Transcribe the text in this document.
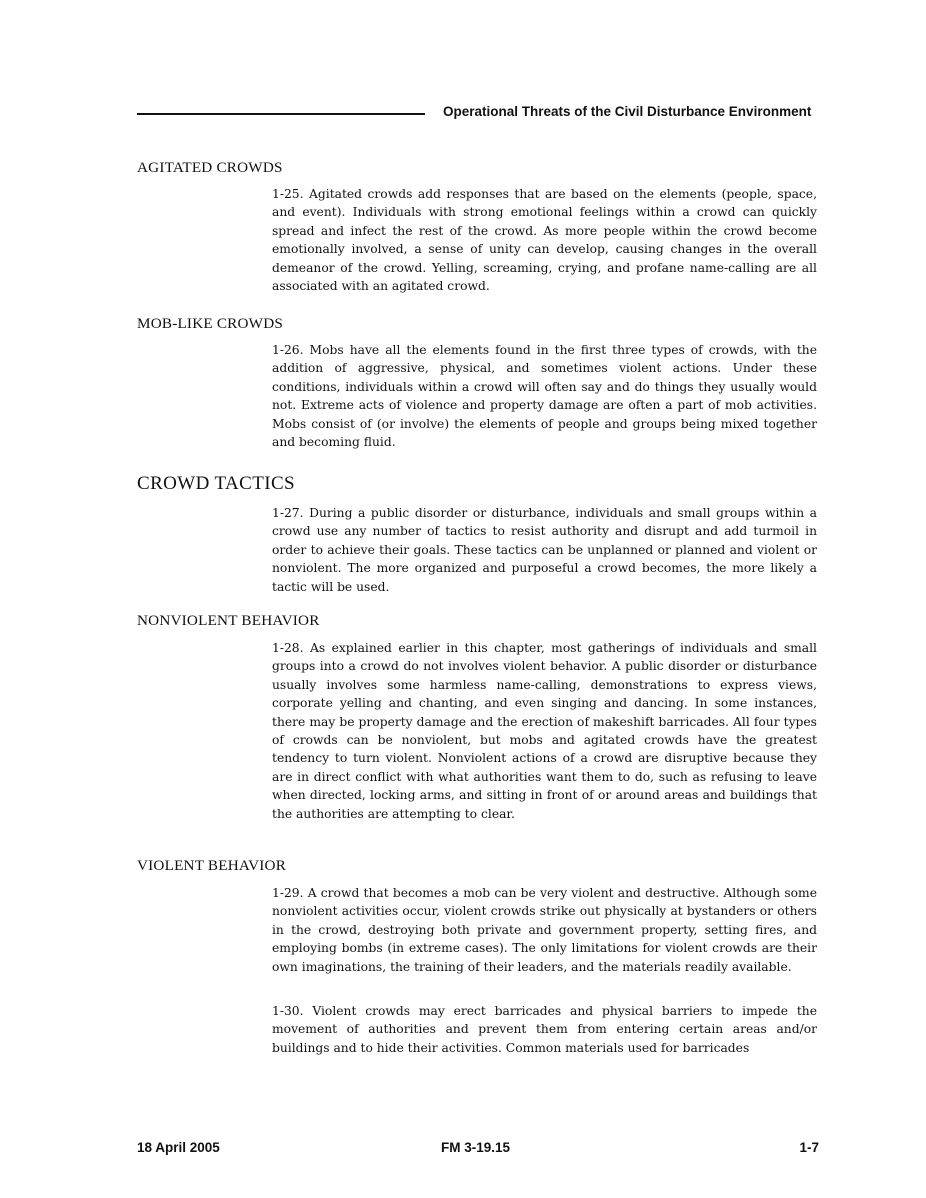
Operational Threats of the Civil Disturbance Environment
AGITATED CROWDS

1-25. Agitated crowds add responses that are based on the elements (people, space, and event). Individuals with strong emotional feelings within a crowd can quickly spread and infect the rest of the crowd. As more people within the crowd become emotionally involved, a sense of unity can develop, causing changes in the overall demeanor of the crowd. Yelling, screaming, crying, and profane name-calling are all associated with an agitated crowd.

MOB-LIKE CROWDS

1-26. Mobs have all the elements found in the first three types of crowds, with the addition of aggressive, physical, and sometimes violent actions. Under these conditions, individuals within a crowd will often say and do things they usually would not. Extreme acts of violence and property damage are often a part of mob activities. Mobs consist of (or involve) the elements of people and groups being mixed together and becoming fluid.

CROWD TACTICS

1-27. During a public disorder or disturbance, individuals and small groups within a crowd use any number of tactics to resist authority and disrupt and add turmoil in order to achieve their goals. These tactics can be unplanned or planned and violent or nonviolent. The more organized and purposeful a crowd becomes, the more likely a tactic will be used.

NONVIOLENT BEHAVIOR

1-28. As explained earlier in this chapter, most gatherings of individuals and small groups into a crowd do not involves violent behavior. A public disorder or disturbance usually involves some harmless name-calling, demonstrations to express views, corporate yelling and chanting, and even singing and dancing. In some instances, there may be property damage and the erection of makeshift barricades. All four types of crowds can be nonviolent, but mobs and agitated crowds have the greatest tendency to turn violent. Nonviolent actions of a crowd are disruptive because they are in direct conflict with what authorities want them to do, such as refusing to leave when directed, locking arms, and sitting in front of or around areas and buildings that the authorities are attempting to clear.

VIOLENT BEHAVIOR

1-29. A crowd that becomes a mob can be very violent and destructive. Although some nonviolent activities occur, violent crowds strike out physically at bystanders or others in the crowd, destroying both private and government property, setting fires, and employing bombs (in extreme cases). The only limitations for violent crowds are their own imaginations, the training of their leaders, and the materials readily available.

1-30. Violent crowds may erect barricades and physical barriers to impede the movement of authorities and prevent them from entering certain areas and/or buildings and to hide their activities. Common materials used for barricades

18 April 2005	FM 3-19.15	1-7
